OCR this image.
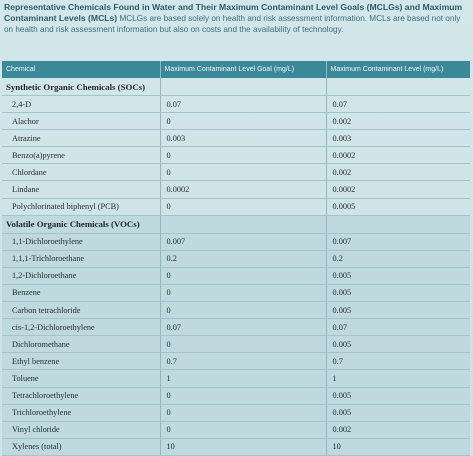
Representative Chemicals Found in Water and Their Maximum Contaminant Level Goals (MCLGs) and Maximum Contaminant Levels (MCLs) MCLGs are based solely on health and risk assessment information. MCLs are based not only on health and risk assessment information but also on costs and the availability of technology.
Chemical	Maximum Contaminant Level Goal (mg/L)	Maximum Contaminant Level (mg/L)
Synthetic Organic Chemicals (SOCs)		
2,4-D	0.07	0.07
Alachor	0	0.002
Atrazine	0.003	0.003
Benzo(a)pyrene	0	0.0002
Chlordane	0	0.002
Lindane	0.0002	0.0002
Polychlorinated biphenyl (PCB)	0	0.0005
Volatile Organic Chemicals (VOCs)		
1,1-Dichloroethylene	0.007	0.007
1,1,1-Trichloroethane	0.2	0.2
1,2-Dichloroethane	0	0.005
Benzene	0	0.005
Carbon tetrachloride	0	0.005
cis-1,2-Dichloroethylene	0.07	0.07
Dichloromethane	0	0.005
Ethyl benzene	0.7	0.7
Toluene	1	1
Tetrachloroethylene	0	0.005
Trichloroethylene	0	0.005
Vinyl chloride	0	0.002
Xylenes (total)	10	10
